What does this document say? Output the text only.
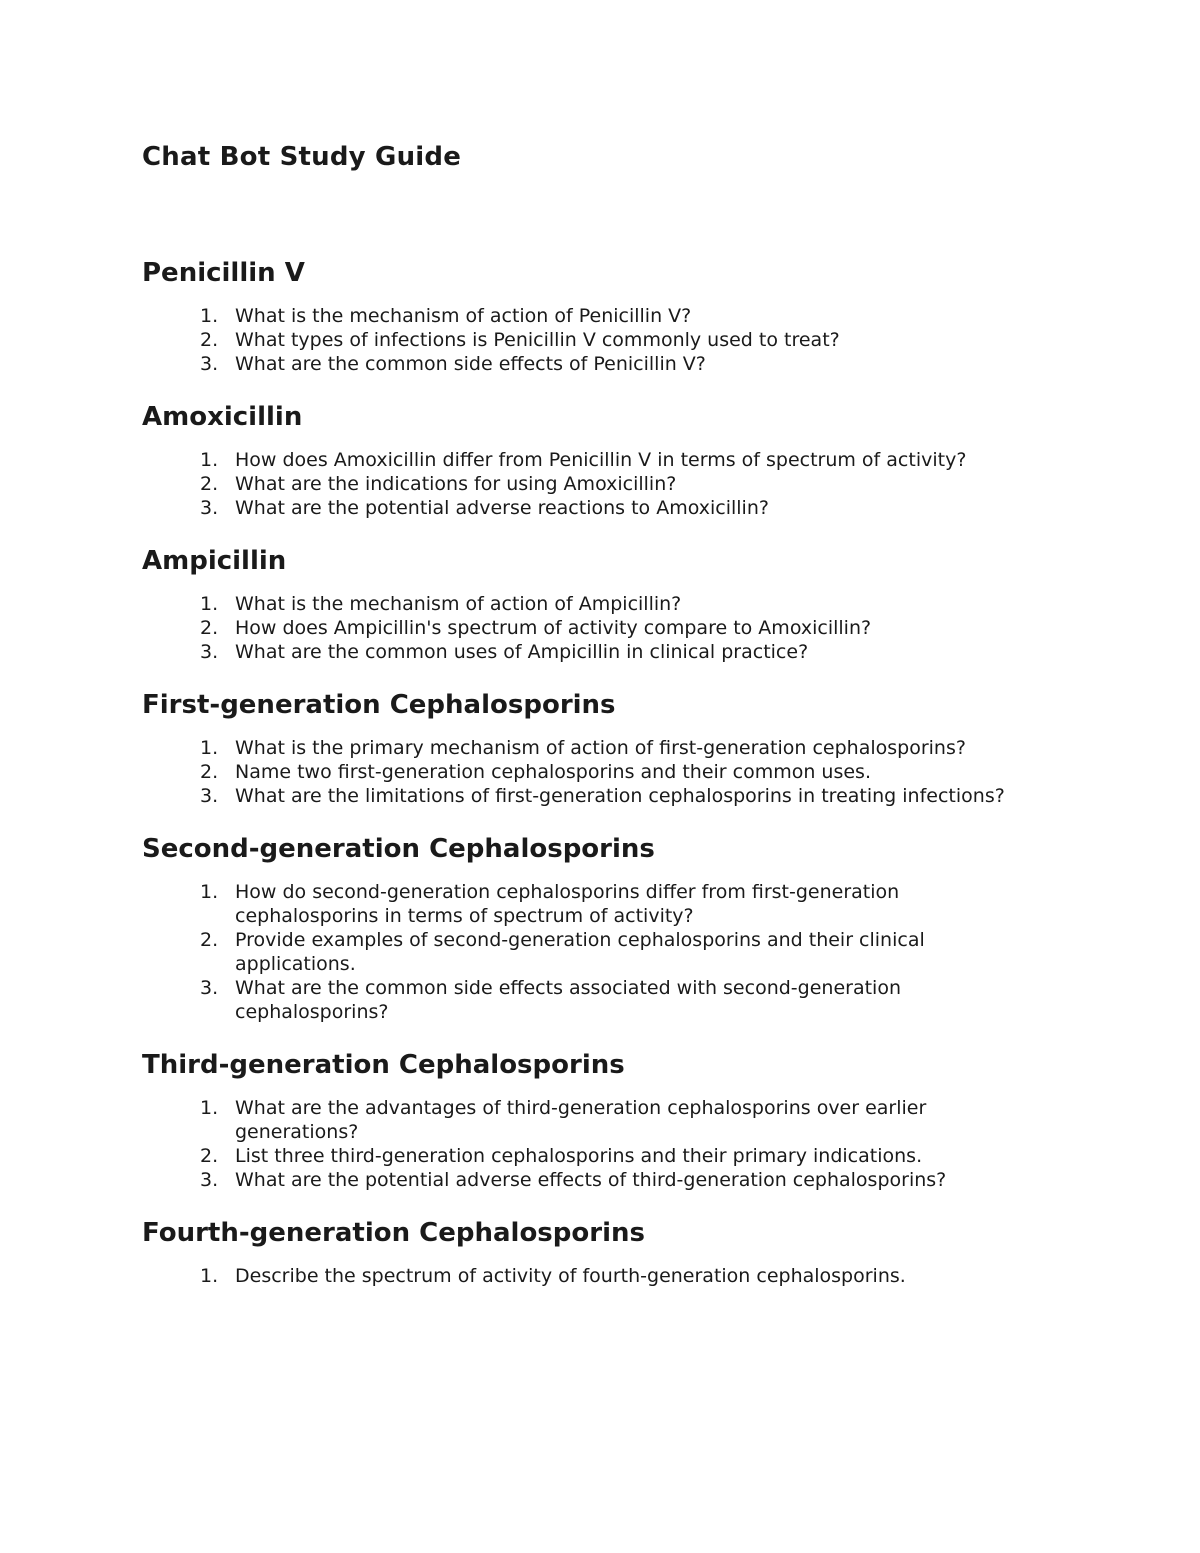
Chat Bot Study Guide
Penicillin V
1. What is the mechanism of action of Penicillin V?
2. What types of infections is Penicillin V commonly used to treat?
3. What are the common side effects of Penicillin V?
Amoxicillin
1. How does Amoxicillin differ from Penicillin V in terms of spectrum of activity?
2. What are the indications for using Amoxicillin?
3. What are the potential adverse reactions to Amoxicillin?
Ampicillin
1. What is the mechanism of action of Ampicillin?
2. How does Ampicillin's spectrum of activity compare to Amoxicillin?
3. What are the common uses of Ampicillin in clinical practice?
First-generation Cephalosporins
1. What is the primary mechanism of action of first-generation cephalosporins?
2. Name two first-generation cephalosporins and their common uses.
3. What are the limitations of first-generation cephalosporins in treating infections?
Second-generation Cephalosporins
1. How do second-generation cephalosporins differ from first-generation cephalosporins in terms of spectrum of activity?
2. Provide examples of second-generation cephalosporins and their clinical applications.
3. What are the common side effects associated with second-generation cephalosporins?
Third-generation Cephalosporins
1. What are the advantages of third-generation cephalosporins over earlier generations?
2. List three third-generation cephalosporins and their primary indications.
3. What are the potential adverse effects of third-generation cephalosporins?
Fourth-generation Cephalosporins
1. Describe the spectrum of activity of fourth-generation cephalosporins.
